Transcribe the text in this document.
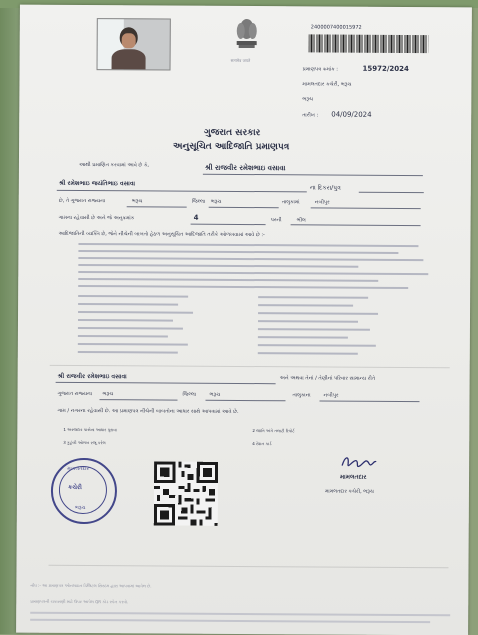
सत्यमेव जयते
2400007400015972
પ્રમાણપત્ર ક્રમાંક :	15972/2024
મામલતદાર કચેરી, ભરૂચ
ભરૂચ
તારીખ : 04/09/2024
ગુજરાત સરકાર
અનુસૂચિત આદિજાતિ પ્રમાણપત્ર
આથી પ્રમાણિત કરવામાં આવે છે કે,	શ્રી રાજવીર રમેશભાઇ વસાવા
શ્રી રમેશભાઇ જયંતિભાઇ વસાવા
ના દિકરા/પુત્ર
છે, તે ગુજરાત રાજ્યના	ભરૂચ	જિલ્લા ભરૂચ	તાલુકામાં	નબીપુર
ગામના રહેવાસી છે અને જે અનુક્રમાંક	4	પરની	ભીલ
આદિજાતિની વ્યક્તિ છે, જેને નીચેની બાબતો હેઠળ અનુસૂચિત આદિજાતિ તરીકે ઓળખવામાં આવે છે :-
શ્રી રાજવીર રમેશભાઇ વસાવા	અને અથવા તેનાં / તેણીનાં પરિવાર સામાન્ય રીતે
ગુજરાત રાજ્યના ભરૂચ	જિલ્લા	ભરૂચ	તાલુકાના	નબીપુર
ગામ / નગરના રહેવાસી છે. આ પ્રમાણપત્ર નીચેની બાબતોના આધાર સાથે આપવામાં આવે છે.
1 અરજદાર પાસેના આધાર પુરાવા	2 જાતિ અંગે તલાટી રિપોર્ટ
3 કુટુંબી ઓળખ રજૂ કરેલ	4 રેશન કાર્ડ
મામલતદાર
કચેરી
ભરૂચ
મામલતદાર
મામલતદાર કચેરી, ભરૂચ
નોંધ :- આ પ્રમાણપત્ર ઓનલાઇન ડિજિટલ સિસ્ટમ દ્વારા આપવામાં આવેલ છે.
પ્રમાણપત્રની ચકાસણી માટે ઉપર આપેલ QR કોડ સ્કેન કરવો.
